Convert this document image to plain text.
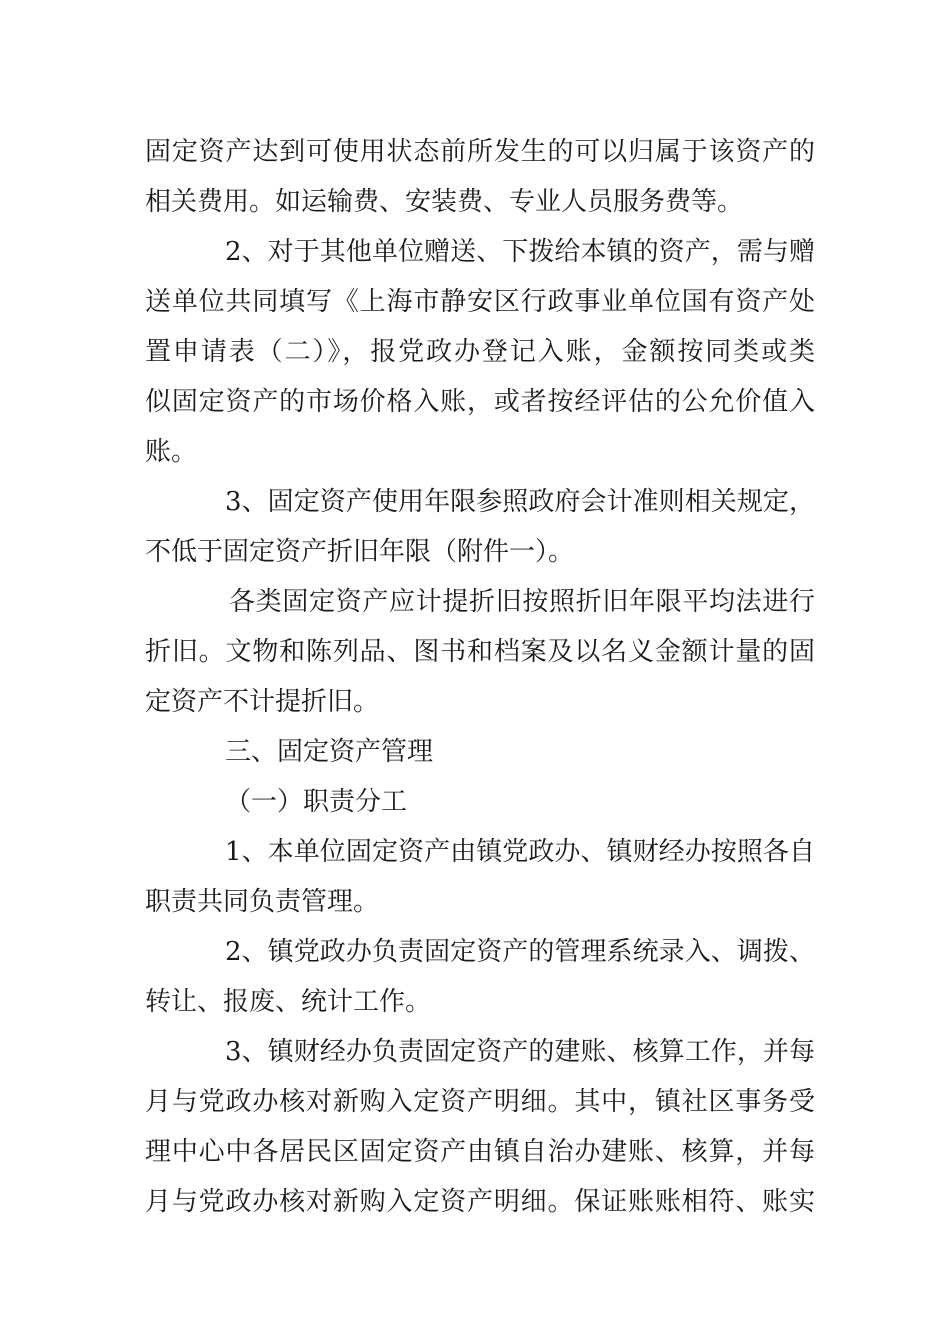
固定资产达到可使用状态前所发生的可以归属于该资产的
相关费用。如运输费、安装费、专业人员服务费等。
2、对于其他单位赠送、下拨给本镇的资产，需与赠
送单位共同填写《上海市静安区行政事业单位国有资产处
置申请表（二）》，报党政办登记入账，金额按同类或类
似固定资产的市场价格入账，或者按经评估的公允价值入
账。
3、固定资产使用年限参照政府会计准则相关规定，
不低于固定资产折旧年限（附件一）。
各类固定资产应计提折旧按照折旧年限平均法进行
折旧。文物和陈列品、图书和档案及以名义金额计量的固
定资产不计提折旧。
三、固定资产管理
（一）职责分工
1、本单位固定资产由镇党政办、镇财经办按照各自
职责共同负责管理。
2、镇党政办负责固定资产的管理系统录入、调拨、
转让、报废、统计工作。
3、镇财经办负责固定资产的建账、核算工作，并每
月与党政办核对新购入定资产明细。其中，镇社区事务受
理中心中各居民区固定资产由镇自治办建账、核算，并每
月与党政办核对新购入定资产明细。保证账账相符、账实
